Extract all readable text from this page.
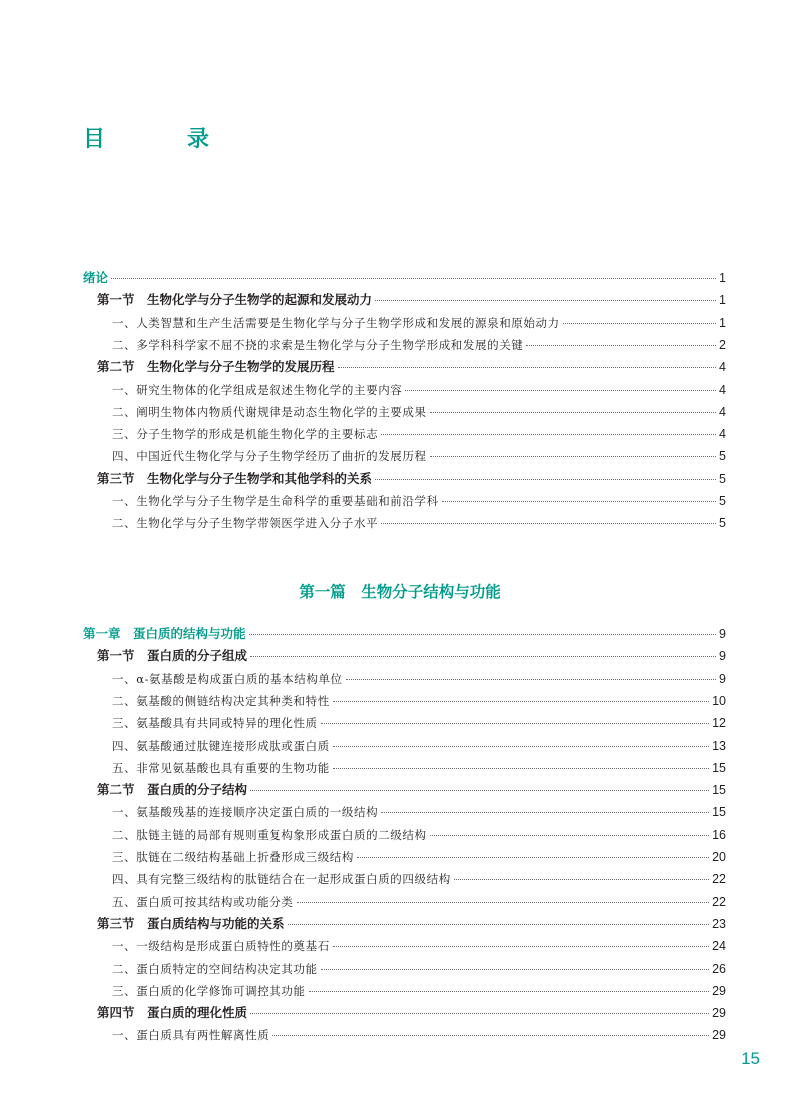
目　录
绪论	1
第一节　生物化学与分子生物学的起源和发展动力	1
一、人类智慧和生产生活需要是生物化学与分子生物学形成和发展的源泉和原始动力	1
二、多学科科学家不屈不挠的求索是生物化学与分子生物学形成和发展的关键	2
第二节　生物化学与分子生物学的发展历程	4
一、研究生物体的化学组成是叙述生物化学的主要内容	4
二、阐明生物体内物质代谢规律是动态生物化学的主要成果	4
三、分子生物学的形成是机能生物化学的主要标志	4
四、中国近代生物化学与分子生物学经历了曲折的发展历程	5
第三节　生物化学与分子生物学和其他学科的关系	5
一、生物化学与分子生物学是生命科学的重要基础和前沿学科	5
二、生物化学与分子生物学带领医学进入分子水平	5
第一篇　生物分子结构与功能
第一章　蛋白质的结构与功能	9
第一节　蛋白质的分子组成	9
一、α-氨基酸是构成蛋白质的基本结构单位	9
二、氨基酸的侧链结构决定其种类和特性	10
三、氨基酸具有共同或特异的理化性质	12
四、氨基酸通过肽键连接形成肽或蛋白质	13
五、非常见氨基酸也具有重要的生物功能	15
第二节　蛋白质的分子结构	15
一、氨基酸残基的连接顺序决定蛋白质的一级结构	15
二、肽链主链的局部有规则重复构象形成蛋白质的二级结构	16
三、肽链在二级结构基础上折叠形成三级结构	20
四、具有完整三级结构的肽链结合在一起形成蛋白质的四级结构	22
五、蛋白质可按其结构或功能分类	22
第三节　蛋白质结构与功能的关系	23
一、一级结构是形成蛋白质特性的奠基石	24
二、蛋白质特定的空间结构决定其功能	26
三、蛋白质的化学修饰可调控其功能	29
第四节　蛋白质的理化性质	29
一、蛋白质具有两性解离性质	29
15
